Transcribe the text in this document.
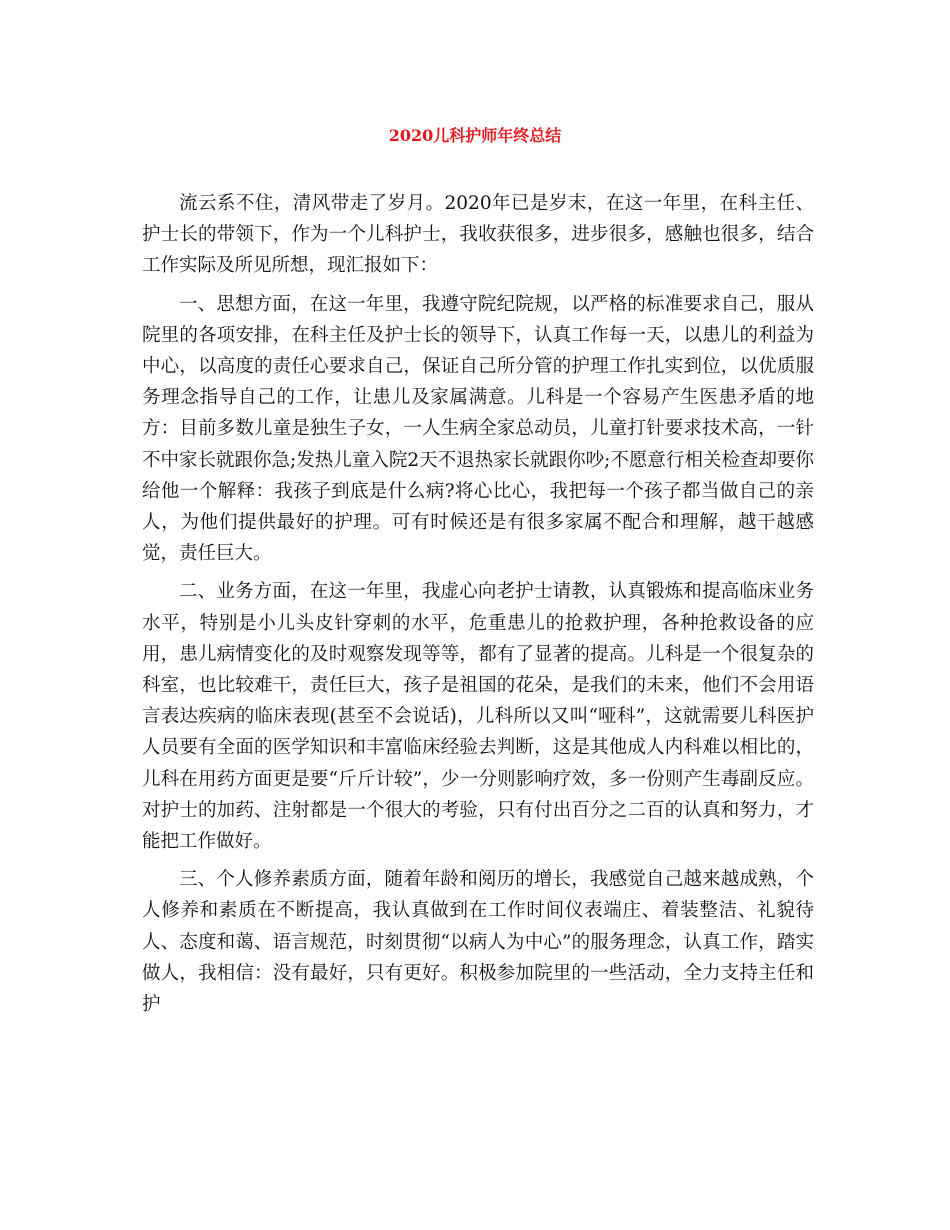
2020儿科护师年终总结

流云系不住，清风带走了岁月。2020年已是岁末，在这一年里，在科主任、护士长的带领下，作为一个儿科护士，我收获很多，进步很多，感触也很多，结合工作实际及所见所想，现汇报如下：

一、思想方面，在这一年里，我遵守院纪院规，以严格的标准要求自己，服从院里的各项安排，在科主任及护士长的领导下，认真工作每一天，以患儿的利益为中心，以高度的责任心要求自己，保证自己所分管的护理工作扎实到位，以优质服务理念指导自己的工作，让患儿及家属满意。儿科是一个容易产生医患矛盾的地方：目前多数儿童是独生子女，一人生病全家总动员，儿童打针要求技术高，一针不中家长就跟你急;发热儿童入院2天不退热家长就跟你吵;不愿意行相关检查却要你给他一个解释：我孩子到底是什么病?将心比心，我把每一个孩子都当做自己的亲人，为他们提供最好的护理。可有时候还是有很多家属不配合和理解，越干越感觉，责任巨大。

二、业务方面，在这一年里，我虚心向老护士请教，认真锻炼和提高临床业务水平，特别是小儿头皮针穿刺的水平，危重患儿的抢救护理，各种抢救设备的应用，患儿病情变化的及时观察发现等等，都有了显著的提高。儿科是一个很复杂的科室，也比较难干，责任巨大，孩子是祖国的花朵，是我们的未来，他们不会用语言表达疾病的临床表现(甚至不会说话)，儿科所以又叫“哑科”，这就需要儿科医护人员要有全面的医学知识和丰富临床经验去判断，这是其他成人内科难以相比的，儿科在用药方面更是要“斤斤计较”，少一分则影响疗效，多一份则产生毒副反应。对护士的加药、注射都是一个很大的考验，只有付出百分之二百的认真和努力，才能把工作做好。

三、个人修养素质方面，随着年龄和阅历的增长，我感觉自己越来越成熟，个人修养和素质在不断提高，我认真做到在工作时间仪表端庄、着装整洁、礼貌待人、态度和蔼、语言规范，时刻贯彻“以病人为中心”的服务理念，认真工作，踏实做人，我相信：没有最好，只有更好。积极参加院里的一些活动，全力支持主任和护
